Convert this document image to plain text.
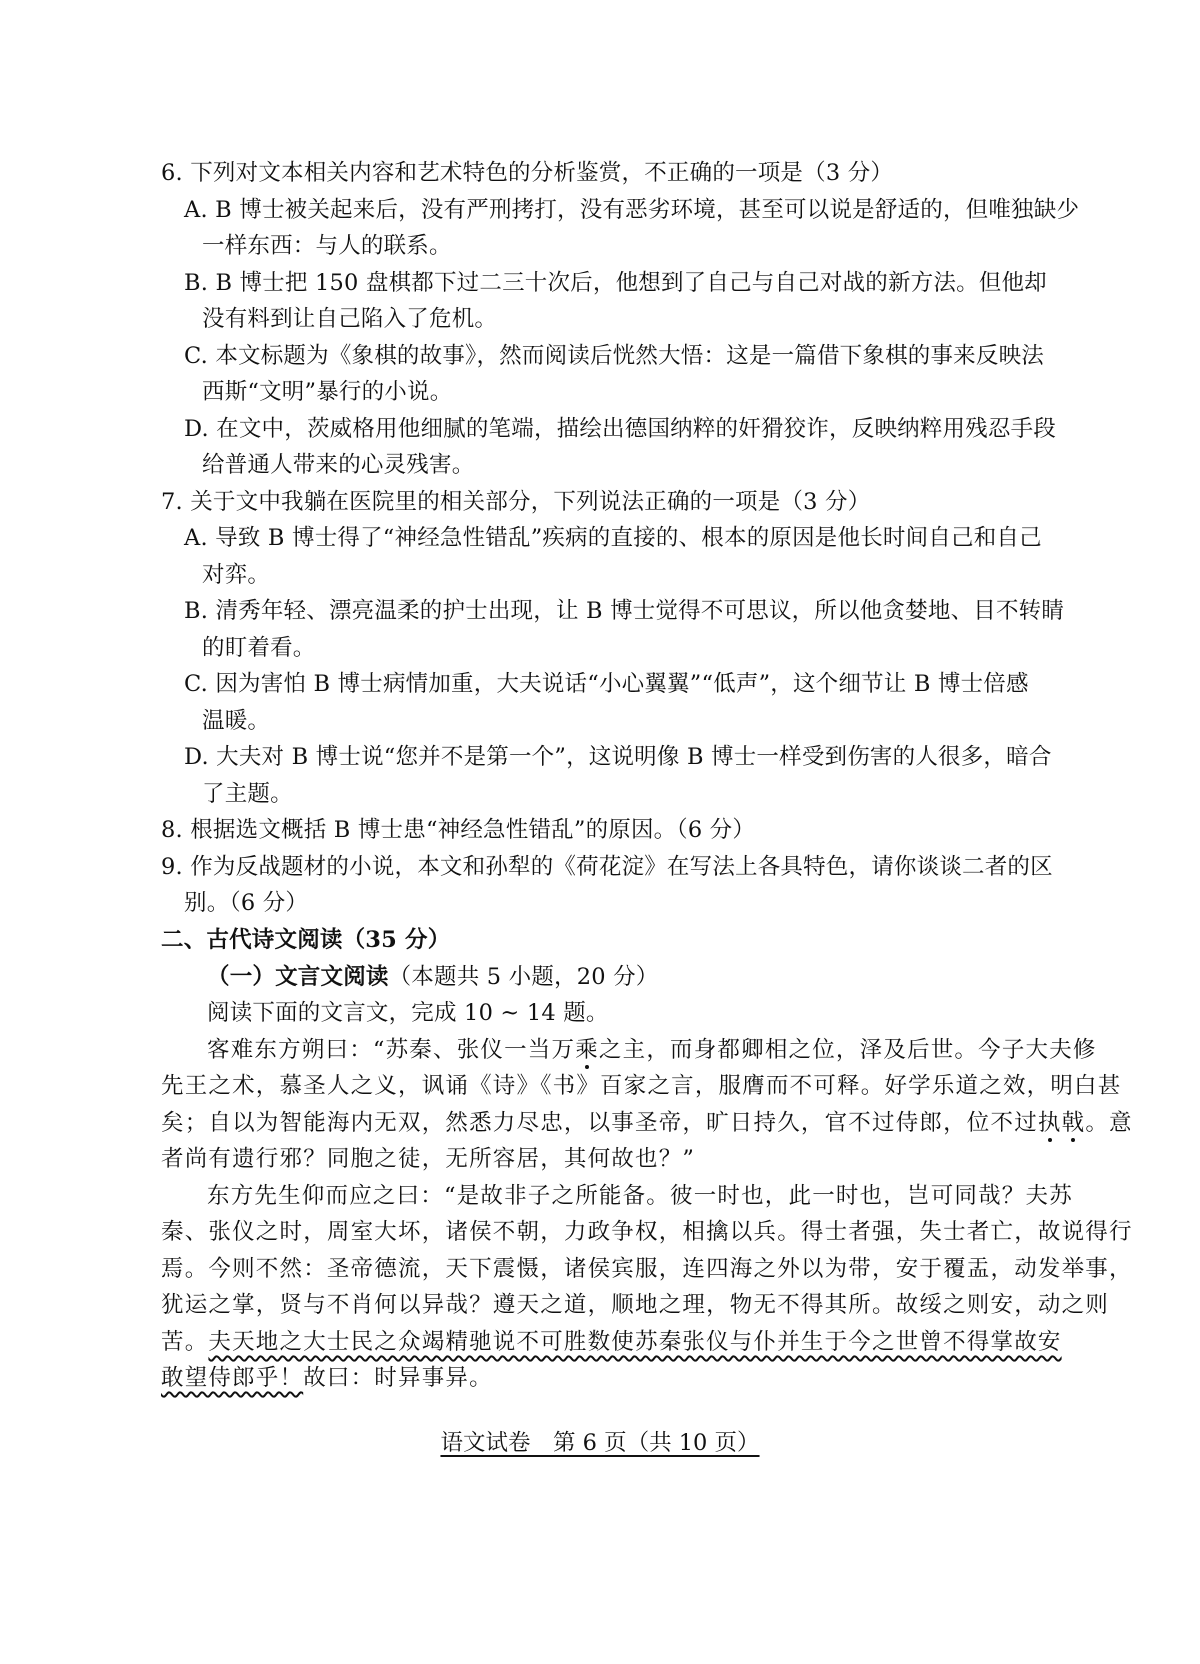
6. 下列对文本相关内容和艺术特色的分析鉴赏，不正确的一项是（3 分）
A. B 博士被关起来后，没有严刑拷打，没有恶劣环境，甚至可以说是舒适的，但唯独缺少
一样东西：与人的联系。
B. B 博士把 150 盘棋都下过二三十次后，他想到了自己与自己对战的新方法。但他却
没有料到让自己陷入了危机。
C. 本文标题为《象棋的故事》，然而阅读后恍然大悟：这是一篇借下象棋的事来反映法
西斯“文明”暴行的小说。
D. 在文中，茨威格用他细腻的笔端，描绘出德国纳粹的奸猾狡诈，反映纳粹用残忍手段
给普通人带来的心灵残害。
7. 关于文中我躺在医院里的相关部分，下列说法正确的一项是（3 分）
A. 导致 B 博士得了“神经急性错乱”疾病的直接的、根本的原因是他长时间自己和自己
对弈。
B. 清秀年轻、漂亮温柔的护士出现，让 B 博士觉得不可思议，所以他贪婪地、目不转睛
的盯着看。
C. 因为害怕 B 博士病情加重，大夫说话“小心翼翼”“低声”，这个细节让 B 博士倍感
温暖。
D. 大夫对 B 博士说“您并不是第一个”，这说明像 B 博士一样受到伤害的人很多，暗合
了主题。
8. 根据选文概括 B 博士患“神经急性错乱”的原因。（6 分）
9. 作为反战题材的小说，本文和孙犁的《荷花淀》在写法上各具特色，请你谈谈二者的区
别。（6 分）
二、古代诗文阅读（35 分）
（一）文言文阅读（本题共 5 小题，20 分）
阅读下面的文言文，完成 10 ~ 14 题。
客难东方朔曰：“苏秦、张仪一当万乘之主，而身都卿相之位，泽及后世。今子大夫修
先王之术，慕圣人之义，讽诵《诗》《书》百家之言，服膺而不可释。好学乐道之效，明白甚
矣；自以为智能海内无双，然悉力尽忠，以事圣帝，旷日持久，官不过侍郎，位不过执戟。意
者尚有遗行邪？同胞之徒，无所容居，其何故也？”
东方先生仰而应之曰：“是故非子之所能备。彼一时也，此一时也，岂可同哉？夫苏
秦、张仪之时，周室大坏，诸侯不朝，力政争权，相擒以兵。得士者强，失士者亡，故说得行
焉。今则不然：圣帝德流，天下震慑，诸侯宾服，连四海之外以为带，安于覆盂，动发举事，
犹运之掌，贤与不肖何以异哉？遵天之道，顺地之理，物无不得其所。故绥之则安，动之则
苦。夫天地之大士民之众竭精驰说不可胜数使苏秦张仪与仆并生于今之世曾不得掌故安
敢望侍郎乎！故曰：时异事异。
语文试卷　第 6 页（共 10 页）
